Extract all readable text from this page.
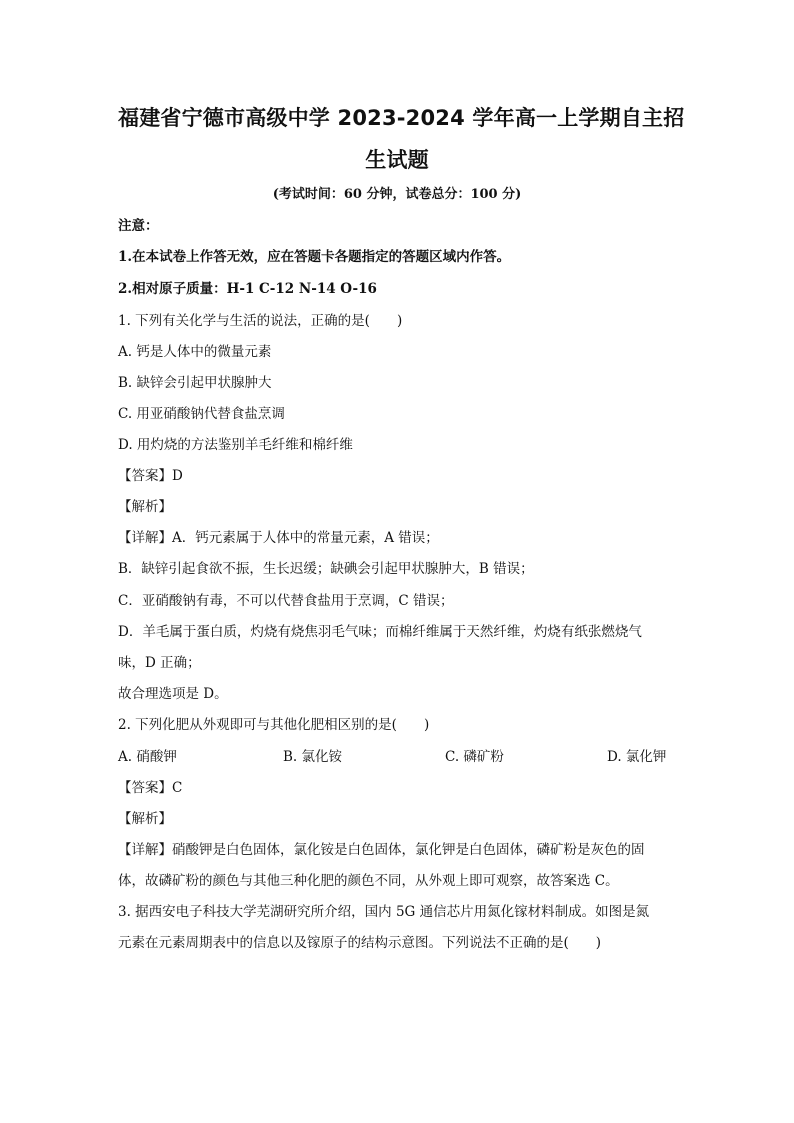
福建省宁德市高级中学 2023-2024 学年高一上学期自主招
生试题
(考试时间：60 分钟，试卷总分：100 分)
注意：
1.在本试卷上作答无效，应在答题卡各题指定的答题区域内作答。
2.相对原子质量：H-1 C-12 N-14 O-16
1. 下列有关化学与生活的说法，正确的是(　　)
A. 钙是人体中的微量元素
B. 缺锌会引起甲状腺肿大
C. 用亚硝酸钠代替食盐烹调
D. 用灼烧的方法鉴别羊毛纤维和棉纤维
【答案】D
【解析】
【详解】A．钙元素属于人体中的常量元素，A 错误；
B．缺锌引起食欲不振，生长迟缓；缺碘会引起甲状腺肿大，B 错误；
C．亚硝酸钠有毒，不可以代替食盐用于烹调，C 错误；
D．羊毛属于蛋白质，灼烧有烧焦羽毛气味；而棉纤维属于天然纤维，灼烧有纸张燃烧气
味，D 正确；
故合理选项是 D。
2. 下列化肥从外观即可与其他化肥相区别的是(　　)
A. 硝酸钾	B. 氯化铵	C. 磷矿粉	D. 氯化钾
【答案】C
【解析】
【详解】硝酸钾是白色固体，氯化铵是白色固体，氯化钾是白色固体，磷矿粉是灰色的固
体，故磷矿粉的颜色与其他三种化肥的颜色不同，从外观上即可观察，故答案选 C。
3. 据西安电子科技大学芜湖研究所介绍，国内 5G 通信芯片用氮化镓材料制成。如图是氮
元素在元素周期表中的信息以及镓原子的结构示意图。下列说法不正确的是(　　)
